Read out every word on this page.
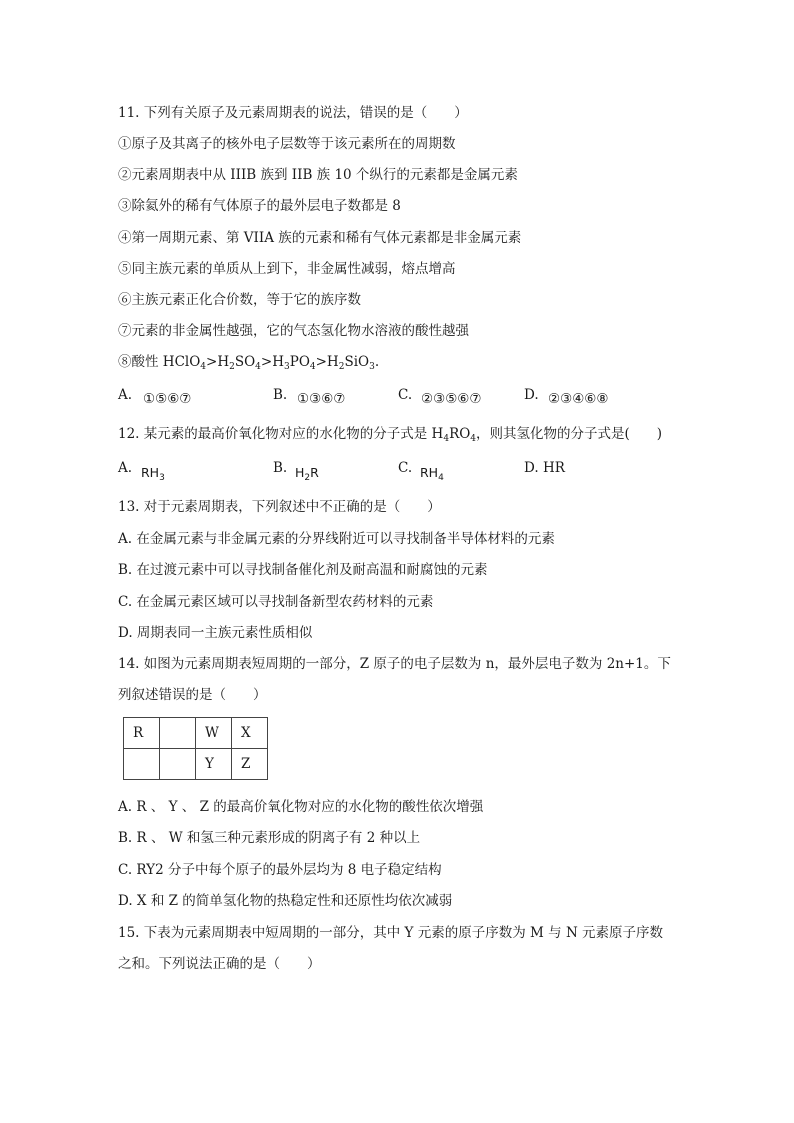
11. 下列有关原子及元素周期表的说法，错误的是（　　）
①原子及其离子的核外电子层数等于该元素所在的周期数
②元素周期表中从 IIIB 族到 IIB 族 10 个纵行的元素都是金属元素
③除氦外的稀有气体原子的最外层电子数都是 8
④第一周期元素、第 VIIA 族的元素和稀有气体元素都是非金属元素
⑤同主族元素的单质从上到下，非金属性减弱，熔点增高
⑥主族元素正化合价数，等于它的族序数
⑦元素的非金属性越强，它的气态氢化物水溶液的酸性越强
⑧酸性 $HClO_4>H_2SO_4>H_3PO_4>H_2SiO_3$.
A. ①⑤⑥⑦	B. ①③⑥⑦	C. ②③⑤⑥⑦	D. ②③④⑥⑧
12. 某元素的最高价氧化物对应的水化物的分子式是 $H_4RO_4$，则其氢化物的分子式是(　　)
A. $RH_3$
B. $H_2R$	C. $RH_4$
D. HR
13. 对于元素周期表，下列叙述中不正确的是（　　）
A. 在金属元素与非金属元素的分界线附近可以寻找制备半导体材料的元素
B. 在过渡元素中可以寻找制备催化剂及耐高温和耐腐蚀的元素
C. 在金属元素区域可以寻找制备新型农药材料的元素
D. 周期表同一主族元素性质相似
14. 如图为元素周期表短周期的一部分，Z 原子的电子层数为 n，最外层电子数为 2n+1。下
列叙述错误的是（　　）
R		W	X
		Y	Z
A. R 、 Y 、 Z 的最高价氧化物对应的水化物的酸性依次增强
B. R 、 W 和氢三种元素形成的阴离子有 2 种以上
C. RY2 分子中每个原子的最外层均为 8 电子稳定结构
D. X 和 Z 的简单氢化物的热稳定性和还原性均依次减弱
15. 下表为元素周期表中短周期的一部分，其中 Y 元素的原子序数为 M 与 N 元素原子序数
之和。下列说法正确的是（　　）
